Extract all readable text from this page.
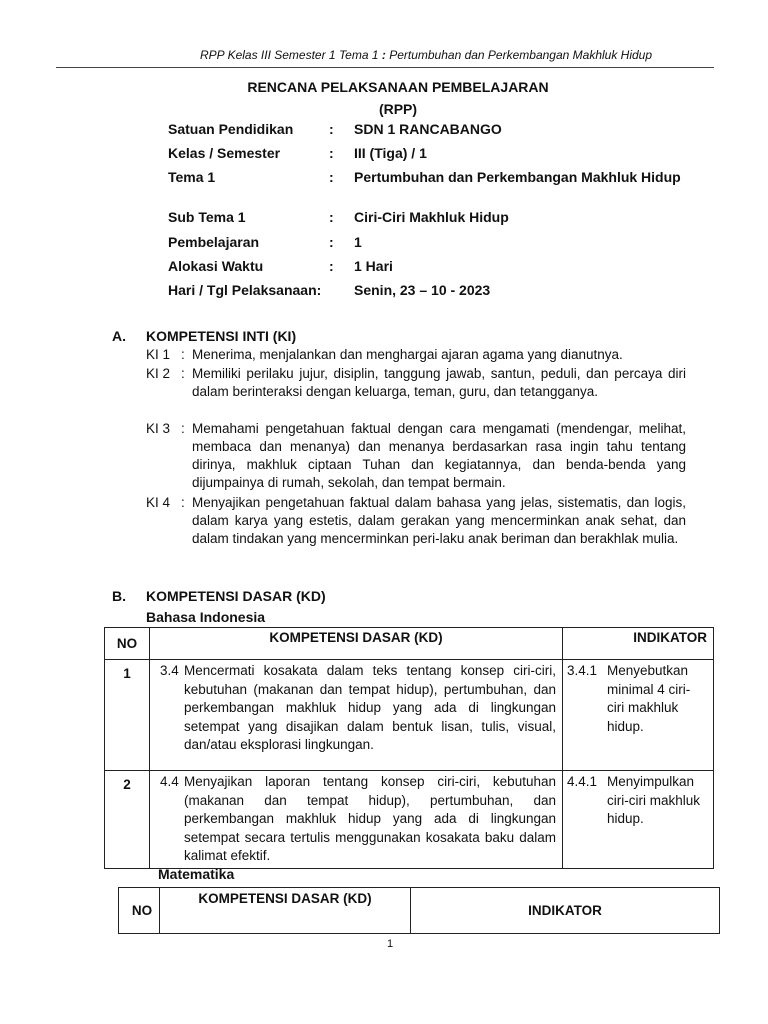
RPP Kelas III Semester 1 Tema 1 : Pertumbuhan dan Perkembangan Makhluk Hidup
RENCANA PELAKSANAAN PEMBELAJARAN
(RPP)
Satuan Pendidikan	: SDN 1 RANCABANGO
Kelas / Semester	: III (Tiga) / 1
Tema 1	: Pertumbuhan dan Perkembangan Makhluk Hidup
Sub Tema 1	: Ciri-Ciri Makhluk Hidup
Pembelajaran	: 1
Alokasi Waktu	: 1 Hari
Hari / Tgl Pelaksanaan:	Senin, 23 – 10 - 2023
A. KOMPETENSI INTI (KI)
KI 1 : Menerima, menjalankan dan menghargai ajaran agama yang dianutnya.
KI 2 : Memiliki perilaku jujur, disiplin, tanggung jawab, santun, peduli, dan percaya diri dalam berinteraksi dengan keluarga, teman, guru, dan tetangganya.
KI 3 : Memahami pengetahuan faktual dengan cara mengamati (mendengar, melihat, membaca dan menanya) dan menanya berdasarkan rasa ingin tahu tentang dirinya, makhluk ciptaan Tuhan dan kegiatannya, dan benda-benda yang dijumpainya di rumah, sekolah, dan tempat bermain.
KI 4 : Menyajikan pengetahuan faktual dalam bahasa yang jelas, sistematis, dan logis, dalam karya yang estetis, dalam gerakan yang mencerminkan anak sehat, dan dalam tindakan yang mencerminkan peri-laku anak beriman dan berakhlak mulia.
B. KOMPETENSI DASAR (KD)
Bahasa Indonesia
NO	KOMPETENSI DASAR (KD)	INDIKATOR
1	3.4 Mencermati kosakata dalam teks tentang konsep ciri-ciri, kebutuhan (makanan dan tempat hidup), pertumbuhan, dan perkembangan makhluk hidup yang ada di lingkungan setempat yang disajikan dalam bentuk lisan, tulis, visual, dan/atau eksplorasi lingkungan.	3.4.1 Menyebutkan minimal 4 ciri-ciri makhluk hidup.

2	4.4 Menyajikan laporan tentang konsep ciri-ciri, kebutuhan (makanan dan tempat hidup), pertumbuhan, dan perkembangan makhluk hidup yang ada di lingkungan setempat secara tertulis menggunakan kosakata baku dalam kalimat efektif.	4.4.1 Menyimpulkan ciri-ciri makhluk hidup.
Matematika
NO	KOMPETENSI DASAR (KD)	INDIKATOR
1
